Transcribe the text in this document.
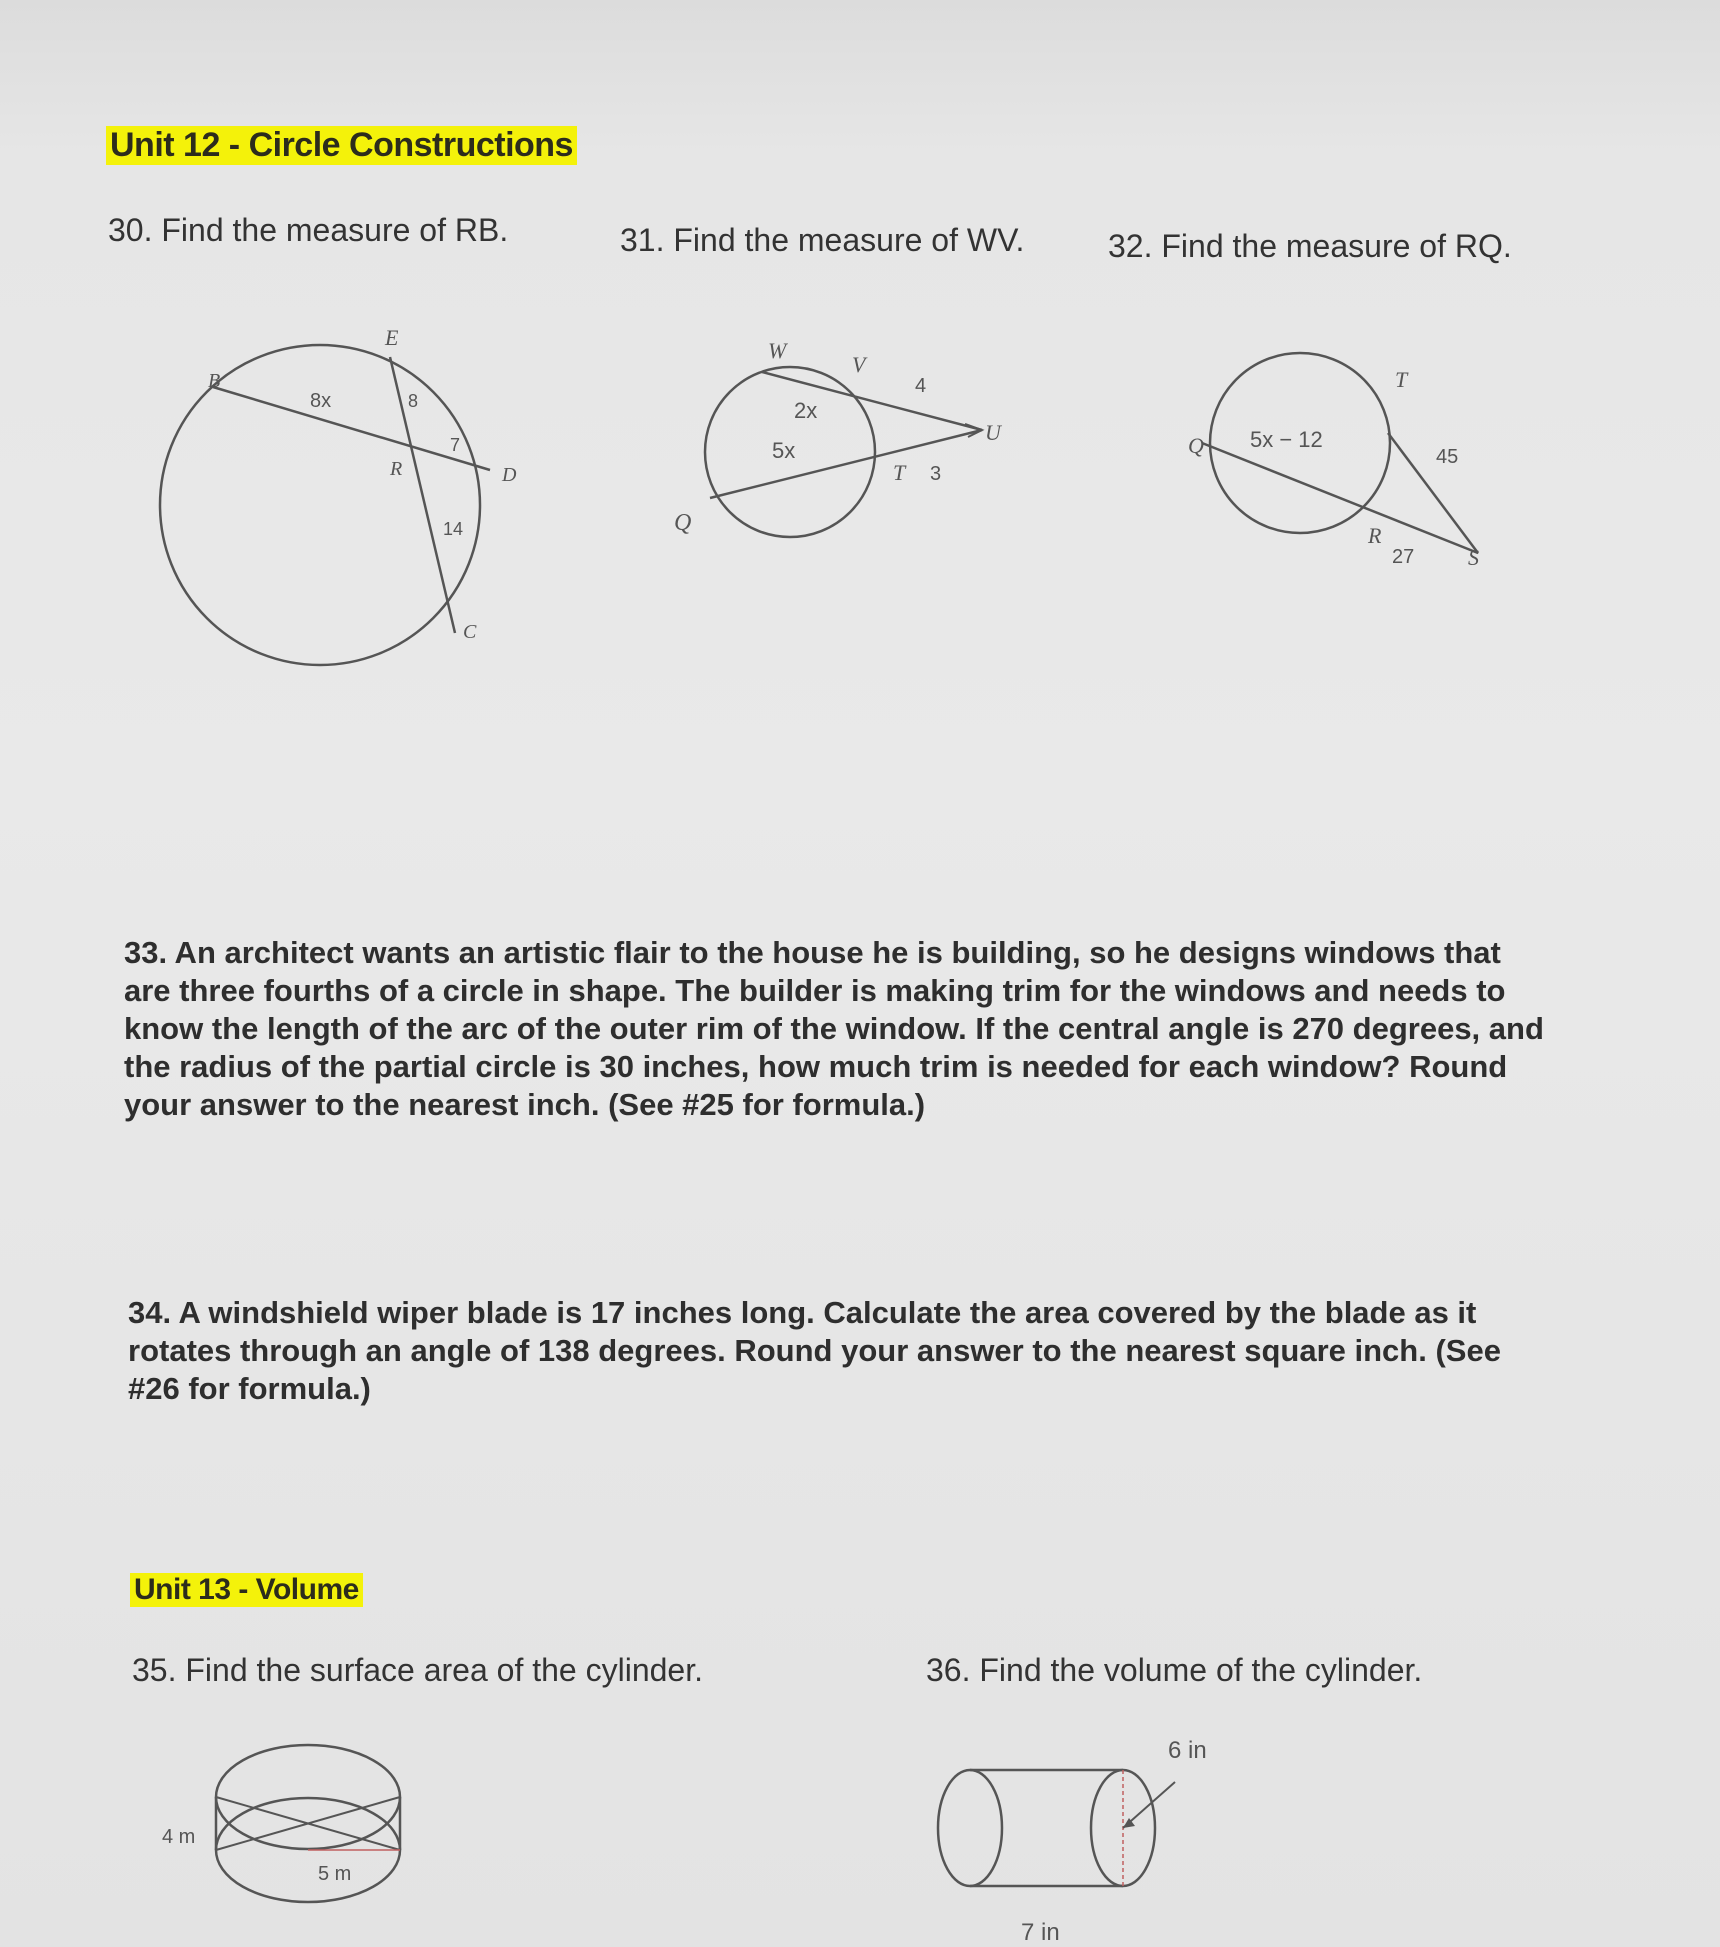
Unit 12 - Circle Constructions
30. Find the measure of RB.	31. Find the measure of WV.	32. Find the measure of RQ.
B
E
R	D
C
8x	8
7
14
W
V
U
T
Q
4
2x
5x
3
Q
T
R
S
5x − 12
45
27
33. An architect wants an artistic flair to the house he is building, so he designs windows that are three fourths of a circle in shape. The builder is making trim for the windows and needs to know the length of the arc of the outer rim of the window. If the central angle is 270 degrees, and the radius of the partial circle is 30 inches, how much trim is needed for each window? Round your answer to the nearest inch. (See #25 for formula.)
34. A windshield wiper blade is 17 inches long. Calculate the area covered by the blade as it rotates through an angle of 138 degrees. Round your answer to the nearest square inch. (See #26 for formula.)
Unit 13 - Volume
35. Find the surface area of the cylinder.	36. Find the volume of the cylinder.
4 m
5 m
6 in
7 in
